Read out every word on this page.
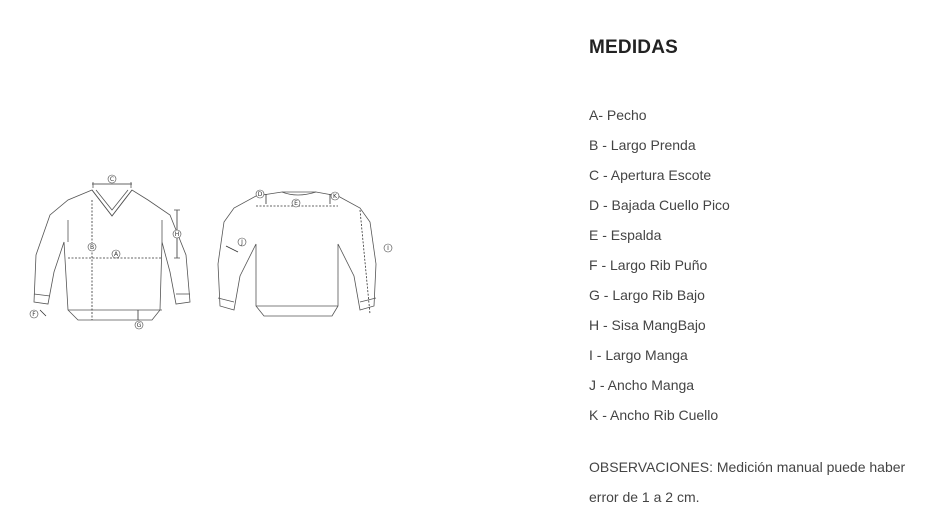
C
B
A
H
G
F
D
E
K
J
I
MEDIDAS
A- Pecho
B - Largo Prenda
C - Apertura Escote
D - Bajada Cuello Pico
E - Espalda
F - Largo Rib Puño
G - Largo Rib Bajo
H - Sisa MangBajo
I - Largo Manga
J - Ancho Manga
K - Ancho Rib Cuello
OBSERVACIONES: Medición manual puede haber error de 1 a 2 cm.
